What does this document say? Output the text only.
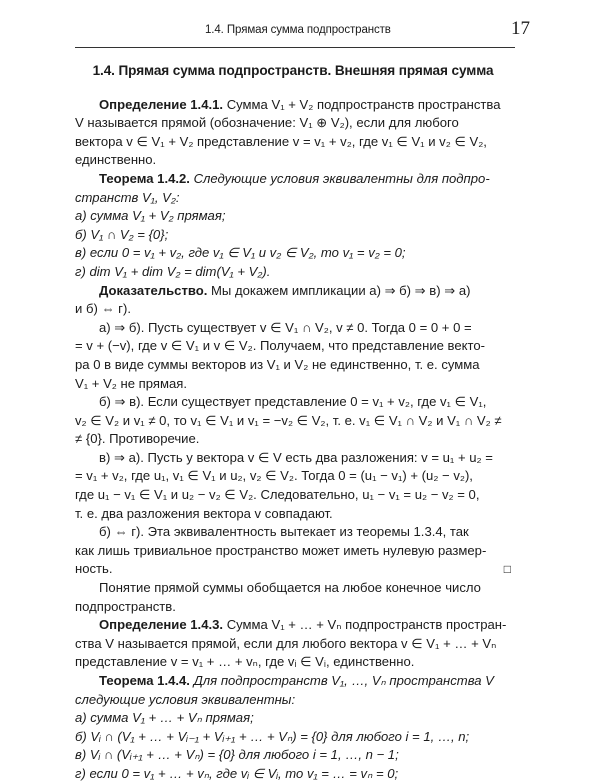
1.4. Прямая сумма подпространств	17

1.4. Прямая сумма подпространств. Внешняя прямая сумма

Определение 1.4.1. Сумма V₁ + V₂ подпространств пространства

V называется прямой (обозначение: V₁ ⊕ V₂), если для любого

вектора v ∈ V₁ + V₂ представление v = v₁ + v₂, где v₁ ∈ V₁ и v₂ ∈ V₂,

единственно.

Теорема 1.4.2. Следующие условия эквивалентны для подпро-

странств V₁, V₂:

а) сумма V₁ + V₂ прямая;

б) V₁ ∩ V₂ = {0};

в) если 0 = v₁ + v₂, где v₁ ∈ V₁ и v₂ ∈ V₂, то v₁ = v₂ = 0;

г) dim V₁ + dim V₂ = dim(V₁ + V₂).

Доказательство. Мы докажем импликации а) ⇒ б) ⇒ в) ⇒ а)

и б) ⇔ г).

а) ⇒ б). Пусть существует v ∈ V₁ ∩ V₂, v ≠ 0. Тогда 0 = 0 + 0 =

= v + (−v), где v ∈ V₁ и v ∈ V₂. Получаем, что представление векто-

ра 0 в виде суммы векторов из V₁ и V₂ не единственно, т. е. сумма

V₁ + V₂ не прямая.

б) ⇒ в). Если существует представление 0 = v₁ + v₂, где v₁ ∈ V₁,

v₂ ∈ V₂ и v₁ ≠ 0, то v₁ ∈ V₁ и v₁ = −v₂ ∈ V₂, т. е. v₁ ∈ V₁ ∩ V₂ и V₁ ∩ V₂ ≠

≠ {0}. Противоречие.

в) ⇒ а). Пусть у вектора v ∈ V есть два разложения: v = u₁ + u₂ =

= v₁ + v₂, где u₁, v₁ ∈ V₁ и u₂, v₂ ∈ V₂. Тогда 0 = (u₁ − v₁) + (u₂ − v₂),

где u₁ − v₁ ∈ V₁ и u₂ − v₂ ∈ V₂. Следовательно, u₁ − v₁ = u₂ − v₂ = 0,

т. е. два разложения вектора v совпадают.

б) ⇔ г). Эта эквивалентность вытекает из теоремы 1.3.4, так

как лишь тривиальное пространство может иметь нулевую размер-

□
ность.

Понятие прямой суммы обобщается на любое конечное число

подпространств.

Определение 1.4.3. Сумма V₁ + … + Vₙ подпространств простран-

ства V называется прямой, если для любого вектора v ∈ V₁ + … + Vₙ

представление v = v₁ + … + vₙ, где vᵢ ∈ Vᵢ, единственно.

Теорема 1.4.4. Для подпространств V₁, …, Vₙ пространства V

следующие условия эквивалентны:

а) сумма V₁ + … + Vₙ прямая;

б) Vᵢ ∩ (V₁ + … + Vᵢ₋₁ + Vᵢ₊₁ + … + Vₙ) = {0} для любого i = 1, …, n;

в) Vᵢ ∩ (Vᵢ₊₁ + … + Vₙ) = {0} для любого i = 1, …, n − 1;

г) если 0 = v₁ + … + vₙ, где vᵢ ∈ Vᵢ, то v₁ = … = vₙ = 0;
